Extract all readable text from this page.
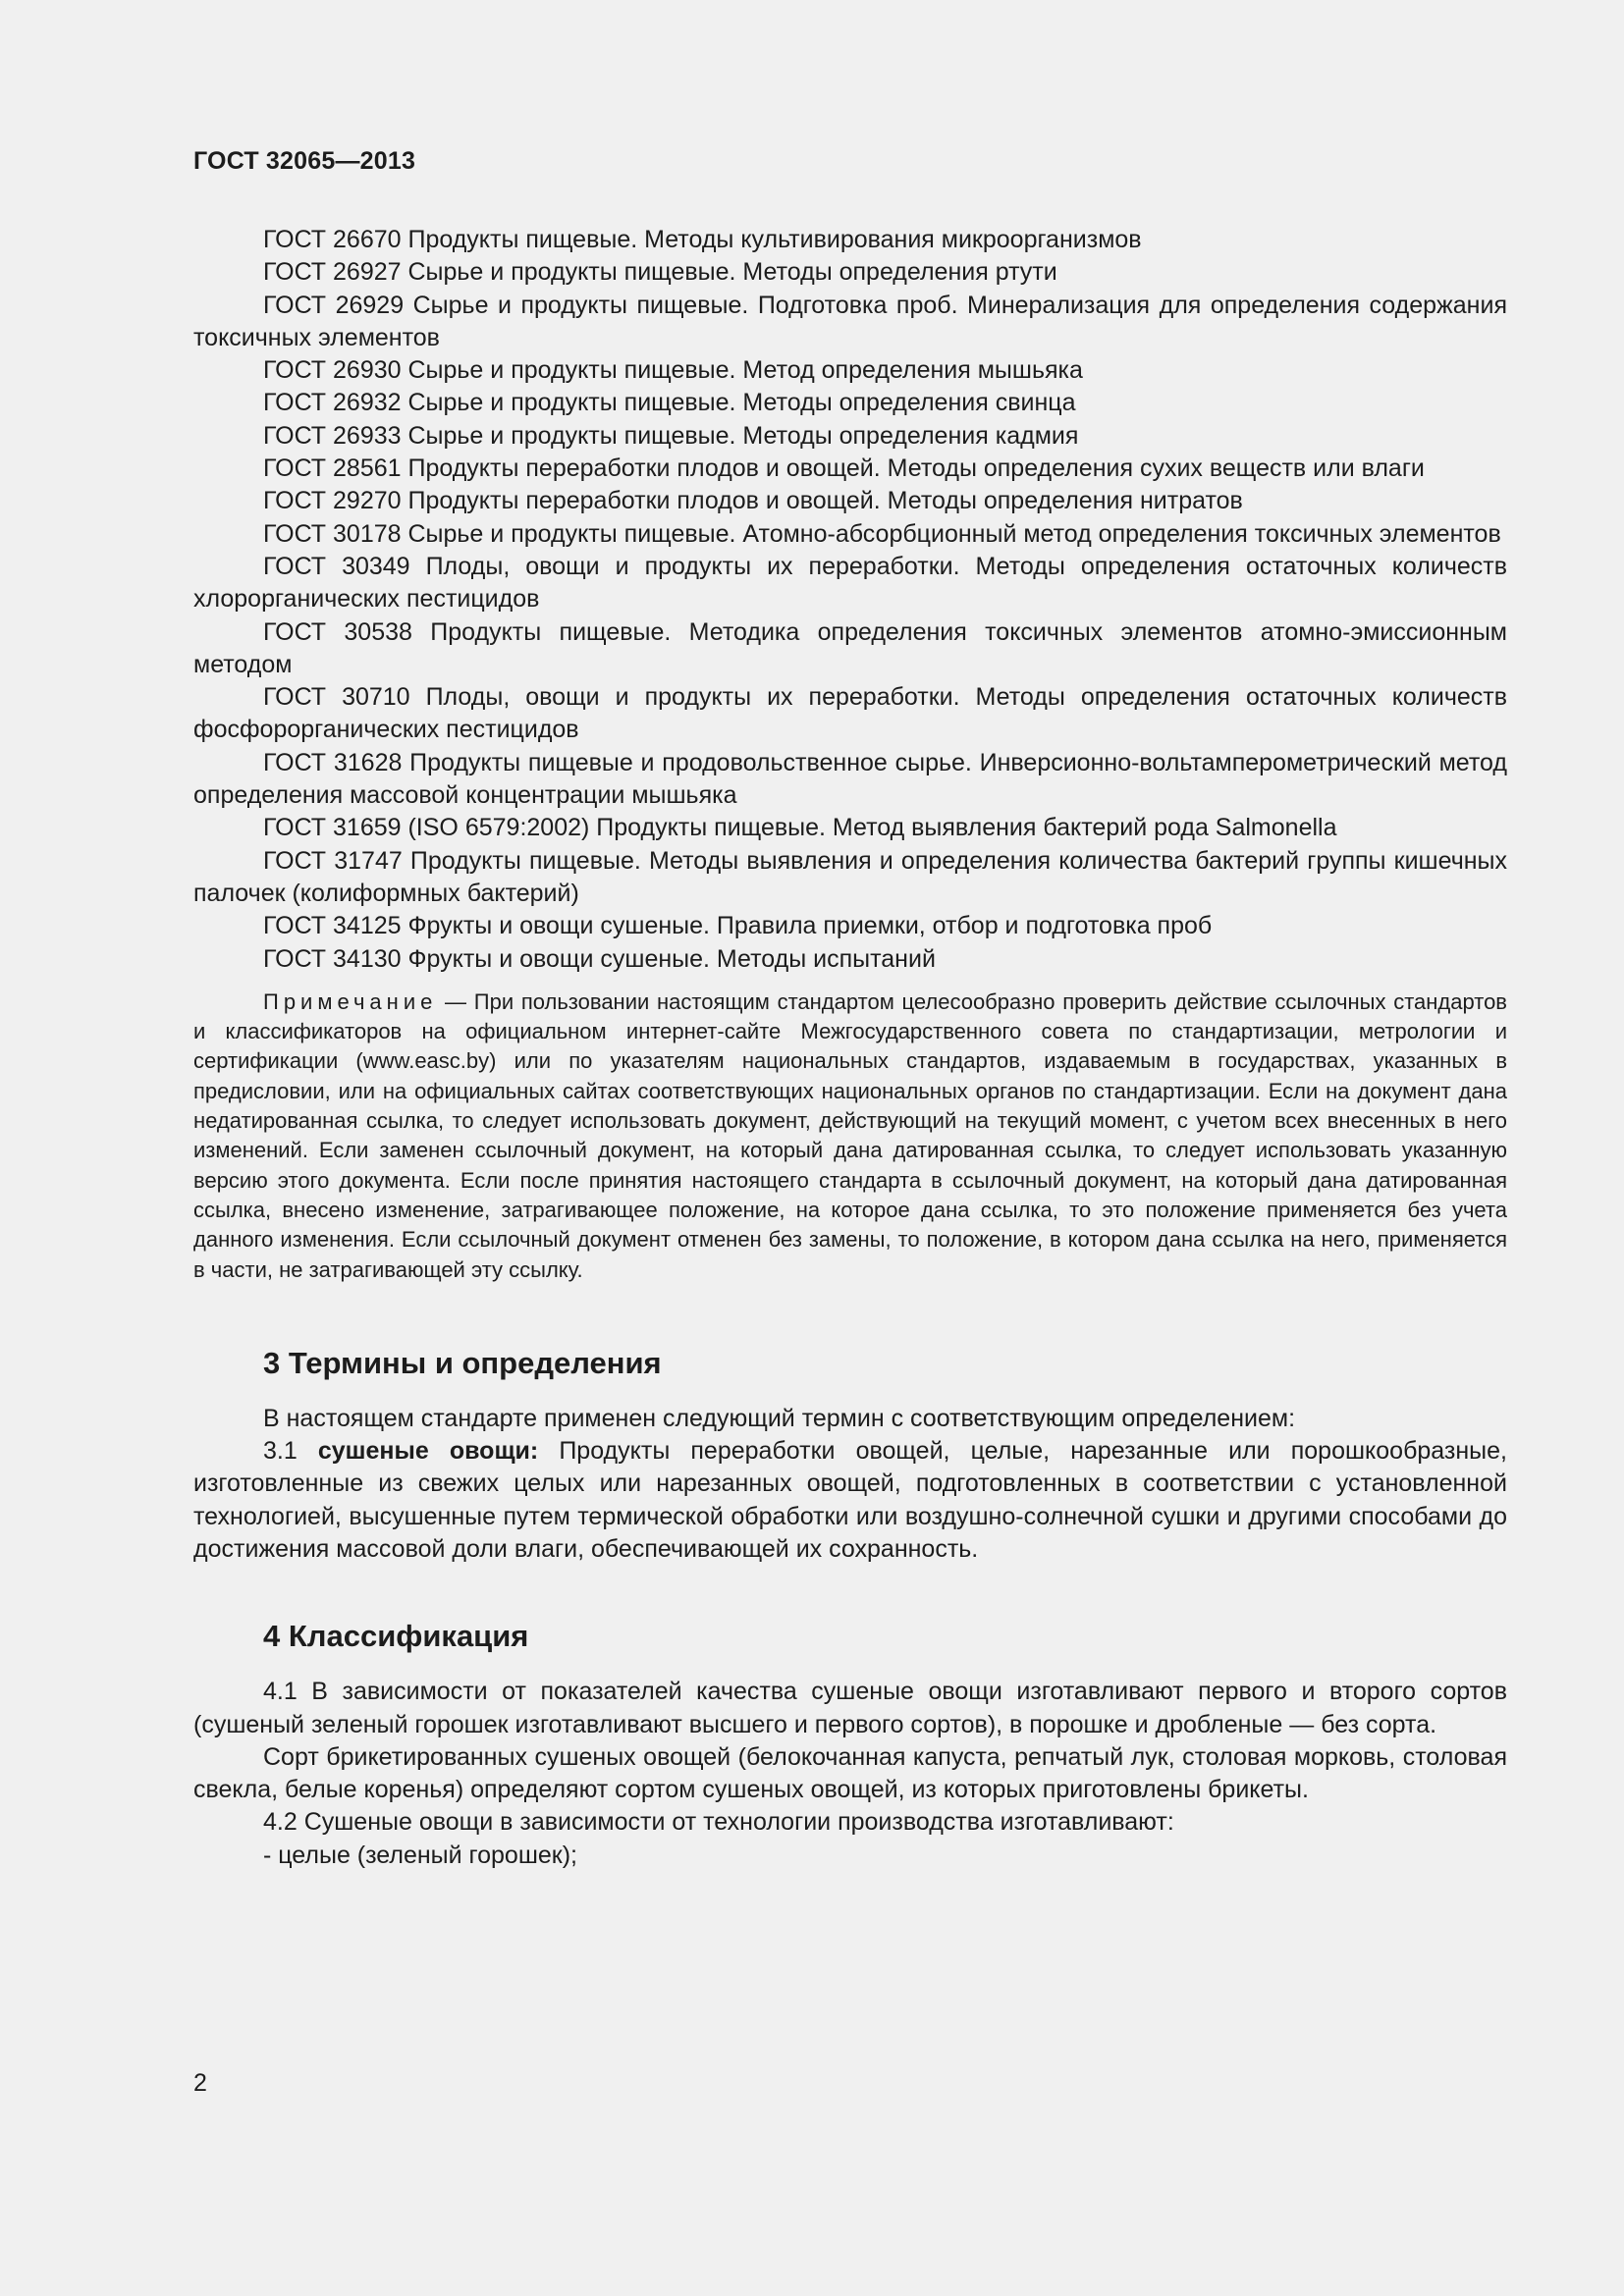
ГОСТ 32065—2013

ГОСТ 26670 Продукты пищевые. Методы культивирования микроорганизмов

ГОСТ 26927 Сырье и продукты пищевые. Методы определения ртути

ГОСТ 26929 Сырье и продукты пищевые. Подготовка проб. Минерализация для определения содержания токсичных элементов

ГОСТ 26930 Сырье и продукты пищевые. Метод определения мышьяка

ГОСТ 26932 Сырье и продукты пищевые. Методы определения свинца

ГОСТ 26933 Сырье и продукты пищевые. Методы определения кадмия

ГОСТ 28561 Продукты переработки плодов и овощей. Методы определения сухих веществ или влаги

ГОСТ 29270 Продукты переработки плодов и овощей. Методы определения нитратов

ГОСТ 30178 Сырье и продукты пищевые. Атомно-абсорбционный метод определения токсичных элементов

ГОСТ 30349 Плоды, овощи и продукты их переработки. Методы определения остаточных количеств хлорорганических пестицидов

ГОСТ 30538 Продукты пищевые. Методика определения токсичных элементов атомно-эмиссионным методом

ГОСТ 30710 Плоды, овощи и продукты их переработки. Методы определения остаточных количеств фосфорорганических пестицидов

ГОСТ 31628 Продукты пищевые и продовольственное сырье. Инверсионно-вольтамперометрический метод определения массовой концентрации мышьяка

ГОСТ 31659 (ISO 6579:2002) Продукты пищевые. Метод выявления бактерий рода Salmonella

ГОСТ 31747 Продукты пищевые. Методы выявления и определения количества бактерий группы кишечных палочек (колиформных бактерий)

ГОСТ 34125 Фрукты и овощи сушеные. Правила приемки, отбор и подготовка проб

ГОСТ 34130 Фрукты и овощи сушеные. Методы испытаний

Примечание — При пользовании настоящим стандартом целесообразно проверить действие ссылочных стандартов и классификаторов на официальном интернет-сайте Межгосударственного совета по стандартизации, метрологии и сертификации (www.easc.by) или по указателям национальных стандартов, издаваемым в государствах, указанных в предисловии, или на официальных сайтах соответствующих национальных органов по стандартизации. Если на документ дана недатированная ссылка, то следует использовать документ, действующий на текущий момент, с учетом всех внесенных в него изменений. Если заменен ссылочный документ, на который дана датированная ссылка, то следует использовать указанную версию этого документа. Если после принятия настоящего стандарта в ссылочный документ, на который дана датированная ссылка, внесено изменение, затрагивающее положение, на которое дана ссылка, то это положение применяется без учета данного изменения. Если ссылочный документ отменен без замены, то положение, в котором дана ссылка на него, применяется в части, не затрагивающей эту ссылку.

3 Термины и определения

В настоящем стандарте применен следующий термин с соответствующим определением:

3.1 сушеные овощи: Продукты переработки овощей, целые, нарезанные или порошкообразные, изготовленные из свежих целых или нарезанных овощей, подготовленных в соответствии с установленной технологией, высушенные путем термической обработки или воздушно-солнечной сушки и другими способами до достижения массовой доли влаги, обеспечивающей их сохранность.

4 Классификация

4.1 В зависимости от показателей качества сушеные овощи изготавливают первого и второго сортов (сушеный зеленый горошек изготавливают высшего и первого сортов), в порошке и дробленые — без сорта.

Сорт брикетированных сушеных овощей (белокочанная капуста, репчатый лук, столовая морковь, столовая свекла, белые коренья) определяют сортом сушеных овощей, из которых приготовлены брикеты.

4.2 Сушеные овощи в зависимости от технологии производства изготавливают:

- целые (зеленый горошек);

2
